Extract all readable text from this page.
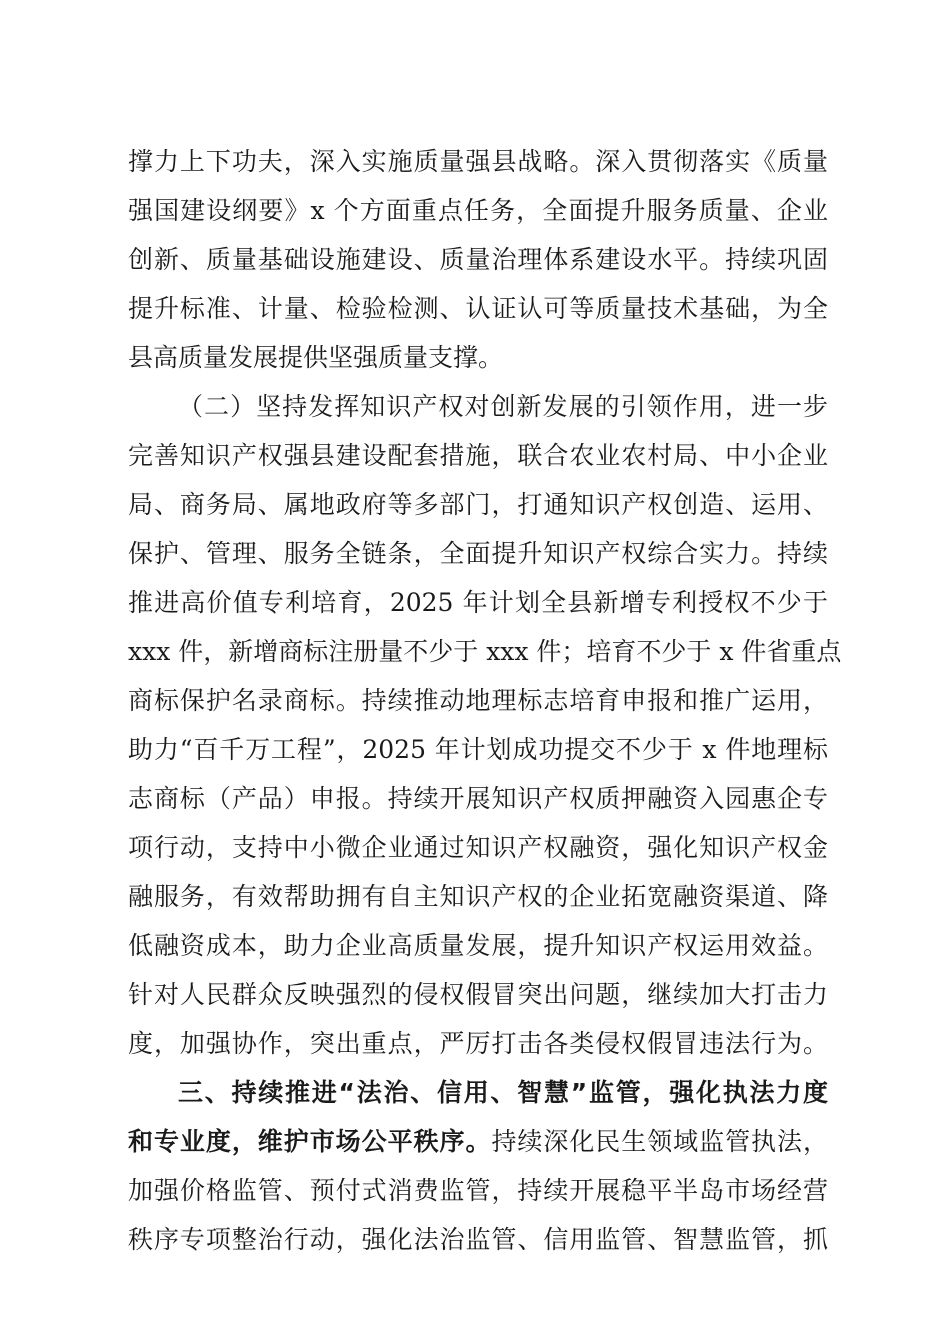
撑力上下功夫，深入实施质量强县战略。深入贯彻落实《质量
强国建设纲要》x 个方面重点任务，全面提升服务质量、企业
创新、质量基础设施建设、质量治理体系建设水平。持续巩固
提升标准、计量、检验检测、认证认可等质量技术基础，为全
县高质量发展提供坚强质量支撑。
（二）坚持发挥知识产权对创新发展的引领作用，进一步
完善知识产权强县建设配套措施，联合农业农村局、中小企业
局、商务局、属地政府等多部门，打通知识产权创造、运用、
保护、管理、服务全链条，全面提升知识产权综合实力。持续
推进高价值专利培育，2025 年计划全县新增专利授权不少于
xxx 件，新增商标注册量不少于 xxx 件；培育不少于 x 件省重点
商标保护名录商标。持续推动地理标志培育申报和推广运用，
助力“百千万工程”，2025 年计划成功提交不少于 x 件地理标
志商标（产品）申报。持续开展知识产权质押融资入园惠企专
项行动，支持中小微企业通过知识产权融资，强化知识产权金
融服务，有效帮助拥有自主知识产权的企业拓宽融资渠道、降
低融资成本，助力企业高质量发展，提升知识产权运用效益。
针对人民群众反映强烈的侵权假冒突出问题，继续加大打击力
度，加强协作，突出重点，严厉打击各类侵权假冒违法行为。
三、持续推进“法治、信用、智慧”监管，强化执法力度
和专业度，维护市场公平秩序。持续深化民生领域监管执法，
加强价格监管、预付式消费监管，持续开展稳平半岛市场经营
秩序专项整治行动，强化法治监管、信用监管、智慧监管，抓
